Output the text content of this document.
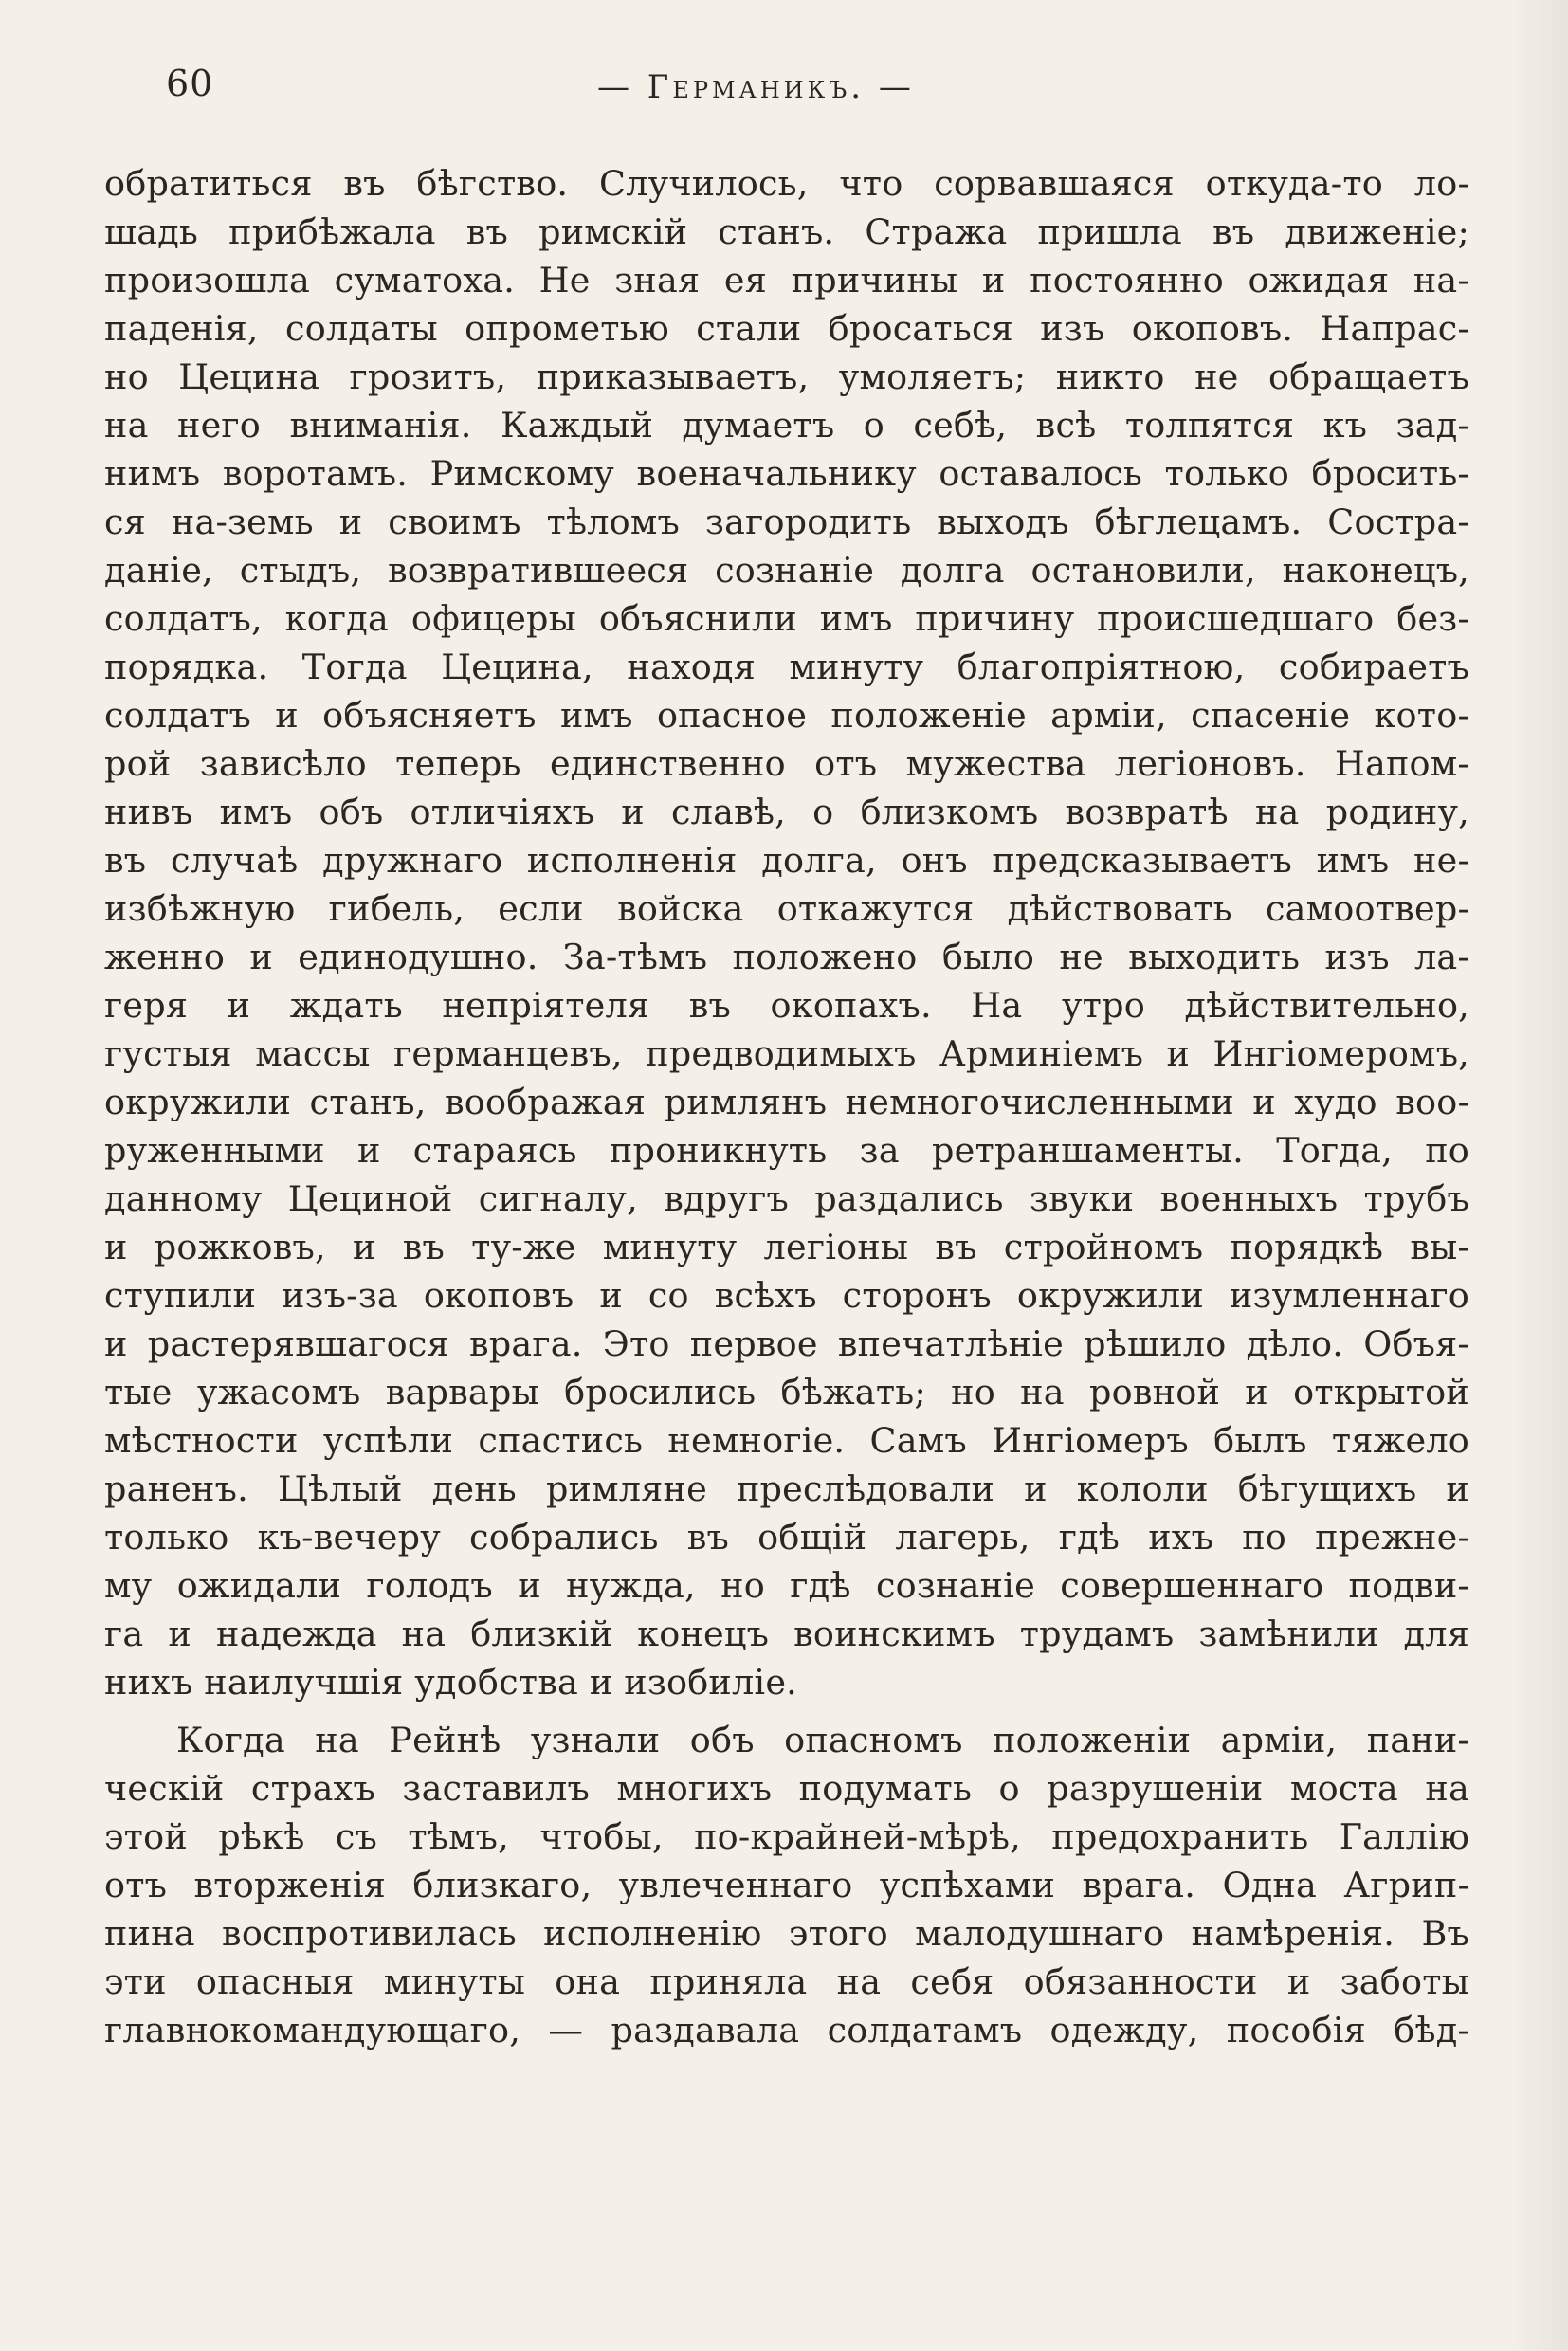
60	— Германикъ. —

обратиться въ бѣгство. Случилось, что сорвавшаяся откуда-то ло-

шадь прибѣжала въ римскій станъ. Стража пришла въ движеніе;

произошла суматоха. Не зная ея причины и постоянно ожидая на-

паденія, солдаты опрометью стали бросаться изъ окоповъ. Напрас-

но Цецина грозитъ, приказываетъ, умоляетъ; никто не обращаетъ

на него вниманія. Каждый думаетъ о себѣ, всѣ толпятся къ зад-

нимъ воротамъ. Римскому военачальнику оставалось только бросить-

ся на-земь и своимъ тѣломъ загородить выходъ бѣглецамъ. Состра-

даніе, стыдъ, возвратившееся сознаніе долга остановили, наконецъ,

солдатъ, когда офицеры объяснили имъ причину происшедшаго без-

порядка. Тогда Цецина, находя минуту благопріятною, собираетъ

солдатъ и объясняетъ имъ опасное положеніе арміи, спасеніе кото-

рой зависѣло теперь единственно отъ мужества легіоновъ. Напом-

нивъ имъ объ отличіяхъ и славѣ, о близкомъ возвратѣ на родину,

въ случаѣ дружнаго исполненія долга, онъ предсказываетъ имъ не-

избѣжную гибель, если войска откажутся дѣйствовать самоотвер-

женно и единодушно. За-тѣмъ положено было не выходить изъ ла-

геря и ждать непріятеля въ окопахъ. На утро дѣйствительно,

густыя массы германцевъ, предводимыхъ Арминіемъ и Ингіомеромъ,

окружили станъ, воображая римлянъ немногочисленными и худо воо-

руженными и стараясь проникнуть за ретраншаменты. Тогда, по

данному Цециной сигналу, вдругъ раздались звуки военныхъ трубъ

и рожковъ, и въ ту-же минуту легіоны въ стройномъ порядкѣ вы-

ступили изъ-за окоповъ и со всѣхъ сторонъ окружили изумленнаго

и растерявшагося врага. Это первое впечатлѣніе рѣшило дѣло. Объя-

тые ужасомъ варвары бросились бѣжать; но на ровной и открытой

мѣстности успѣли спастись немногіе. Самъ Ингіомеръ былъ тяжело

раненъ. Цѣлый день римляне преслѣдовали и кололи бѣгущихъ и

только къ-вечеру собрались въ общій лагерь, гдѣ ихъ по прежне-

му ожидали голодъ и нужда, но гдѣ сознаніе совершеннаго подви-

га и надежда на близкій конецъ воинскимъ трудамъ замѣнили для

нихъ наилучшія удобства и изобиліе.

Когда на Рейнѣ узнали объ опасномъ положеніи арміи, пани-

ческій страхъ заставилъ многихъ подумать о разрушеніи моста на

этой рѣкѣ съ тѣмъ, чтобы, по-крайней-мѣрѣ, предохранить Галлію

отъ вторженія близкаго, увлеченнаго успѣхами врага. Одна Агрип-

пина воспротивилась исполненію этого малодушнаго намѣренія. Въ

эти опасныя минуты она приняла на себя обязанности и заботы

главнокомандующаго, — раздавала солдатамъ одежду, пособія бѣд-
